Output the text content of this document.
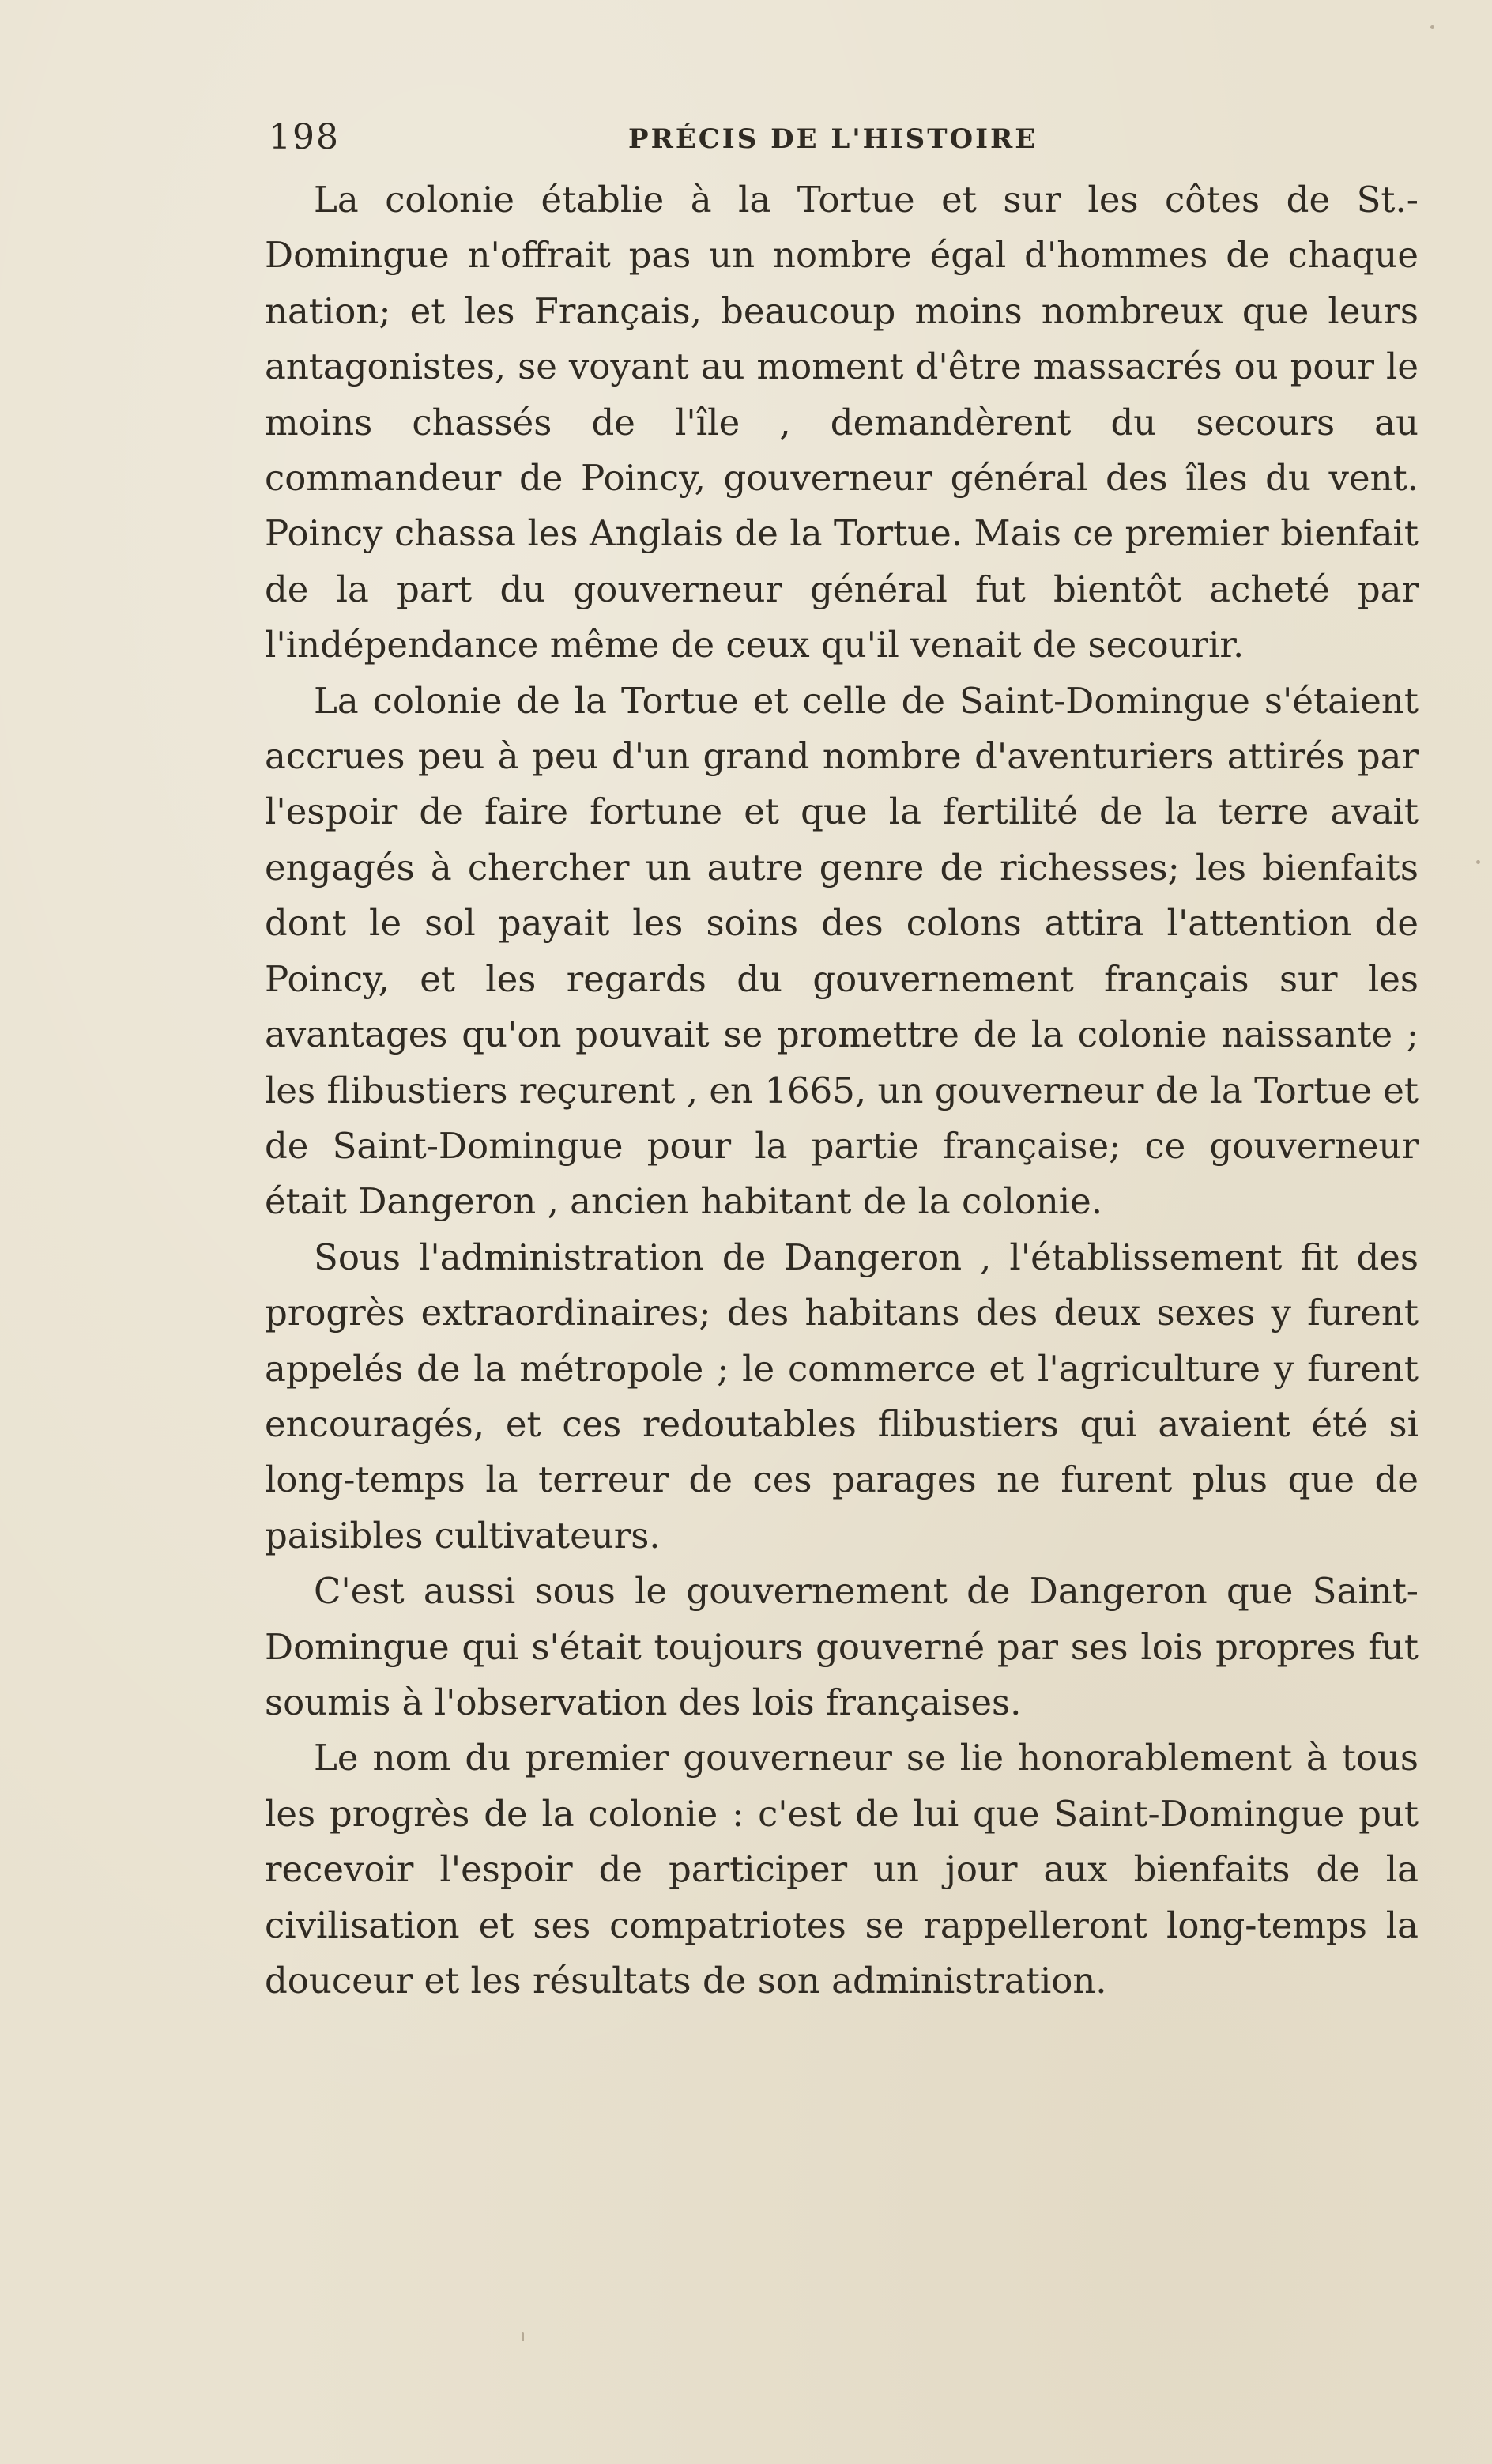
198	PRÉCIS DE L'HISTOIRE

La colonie établie à la Tortue et sur les côtes de St.-Domingue n'offrait pas un nombre égal d'hommes de chaque nation; et les Français, beaucoup moins nombreux que leurs antagonistes, se voyant au moment d'être massacrés ou pour le moins chassés de l'île , demandèrent du secours au commandeur de Poincy, gouverneur général des îles du vent. Poincy chassa les Anglais de la Tortue. Mais ce premier bienfait de la part du gouverneur général fut bientôt acheté par l'indépendance même de ceux qu'il venait de secourir.

La colonie de la Tortue et celle de Saint-Domingue s'étaient accrues peu à peu d'un grand nombre d'aventuriers attirés par l'espoir de faire fortune et que la fertilité de la terre avait engagés à chercher un autre genre de richesses; les bienfaits dont le sol payait les soins des colons attira l'attention de Poincy, et les regards du gouvernement français sur les avantages qu'on pouvait se promettre de la colonie naissante ; les flibustiers reçurent , en 1665, un gouverneur de la Tortue et de Saint-Domingue pour la partie française; ce gouverneur était Dangeron , ancien habitant de la colonie.

Sous l'administration de Dangeron , l'établissement fit des progrès extraordinaires; des habitans des deux sexes y furent appelés de la métropole ; le commerce et l'agriculture y furent encouragés, et ces redoutables flibustiers qui avaient été si long-temps la terreur de ces parages ne furent plus que de paisibles cultivateurs.

C'est aussi sous le gouvernement de Dangeron que Saint-Domingue qui s'était toujours gouverné par ses lois propres fut soumis à l'observation des lois françaises.

Le nom du premier gouverneur se lie honorablement à tous les progrès de la colonie : c'est de lui que Saint-Domingue put recevoir l'espoir de participer un jour aux bienfaits de la civilisation et ses compatriotes se rappelleront long-temps la douceur et les résultats de son administration.
